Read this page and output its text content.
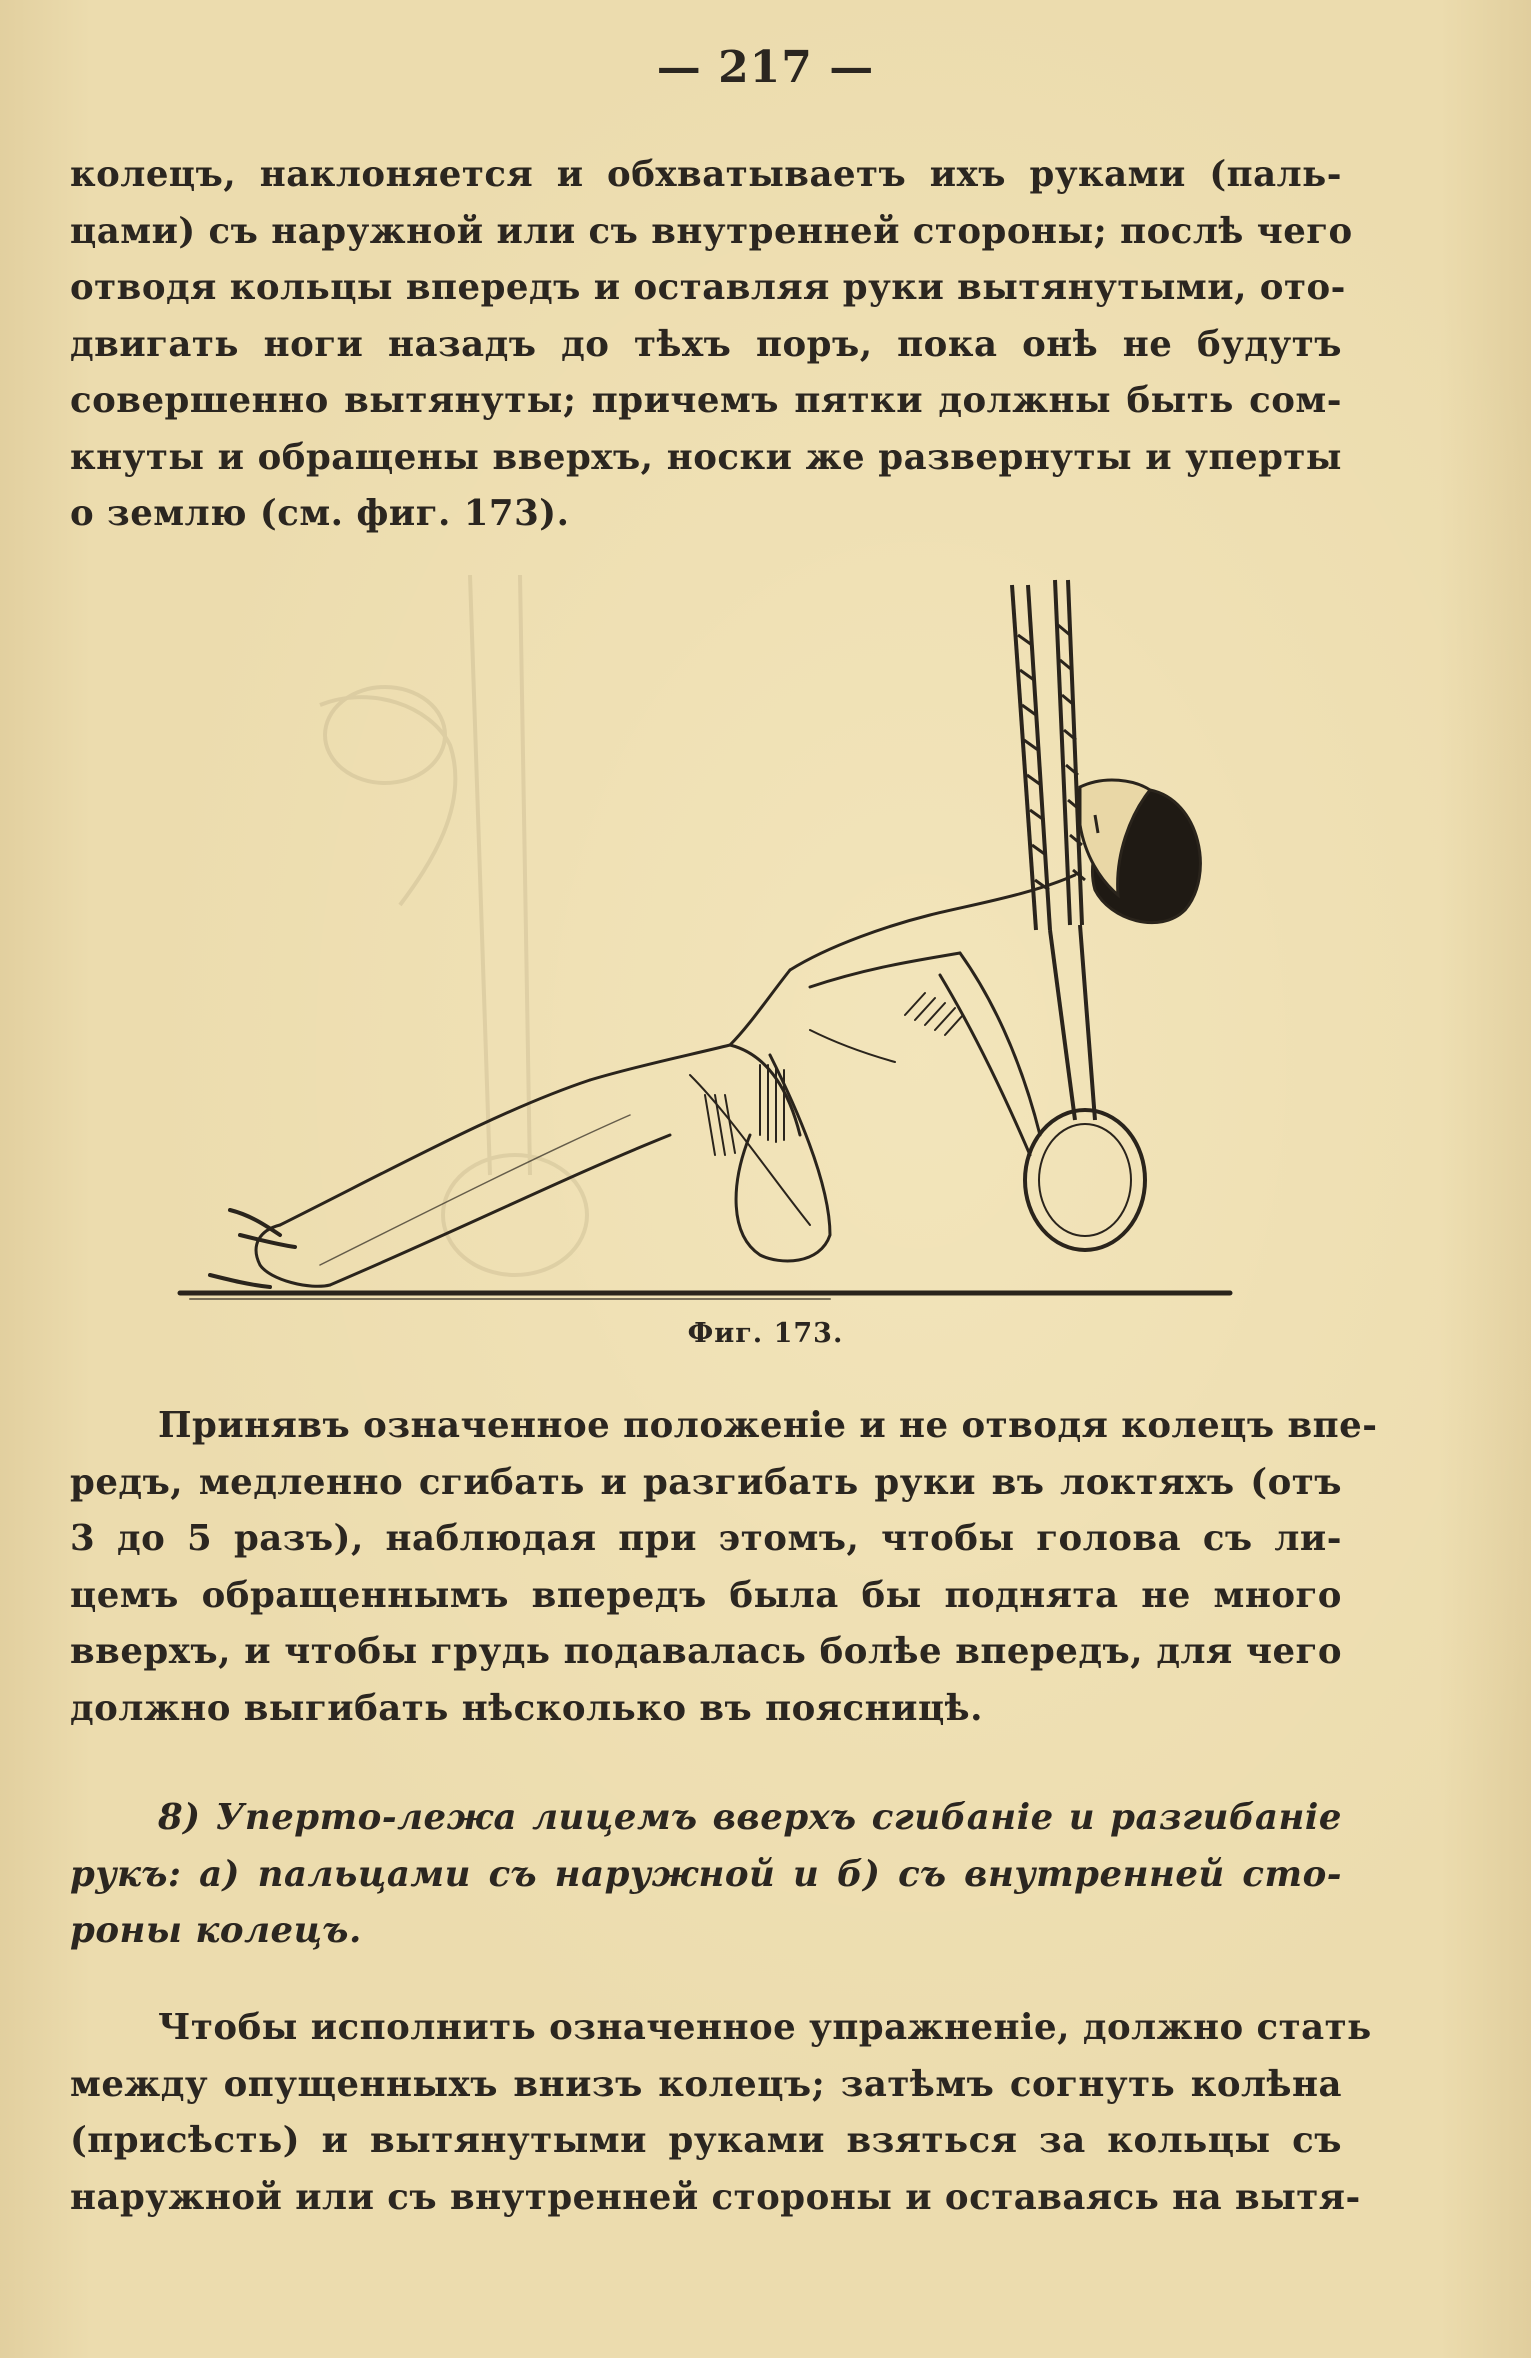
— 217 —
колецъ, наклоняется и обхватываетъ ихъ руками (паль-
цами) съ наружной или съ внутренней стороны; послѣ чего
отводя кольцы впередъ и оставляя руки вытянутыми, ото-
двигать ноги назадъ до тѣхъ поръ, пока онѣ не будутъ
совершенно вытянуты; причемъ пятки должны быть сом-
кнуты и обращены вверхъ, носки же развернуты и уперты
о землю (см. фиг. 173).
Фиг. 173.
Принявъ означенное положеніе и не отводя колецъ впе-
редъ, медленно сгибать и разгибать руки въ локтяхъ (отъ
3 до 5 разъ), наблюдая при этомъ, чтобы голова съ ли-
цемъ обращеннымъ впередъ была бы поднята не много
вверхъ, и чтобы грудь подавалась болѣе впередъ, для чего
должно выгибать нѣсколько въ поясницѣ.
8) Уперто-лежа лицемъ вверхъ сгибаніе и разгибаніе
рукъ: а) пальцами съ наружной и б) съ внутренней сто-
роны колецъ.
Чтобы исполнить означенное упражненіе, должно стать
между опущенныхъ внизъ колецъ; затѣмъ согнуть колѣна
(присѣсть) и вытянутыми руками взяться за кольцы съ
наружной или съ внутренней стороны и оставаясь на вытя-
